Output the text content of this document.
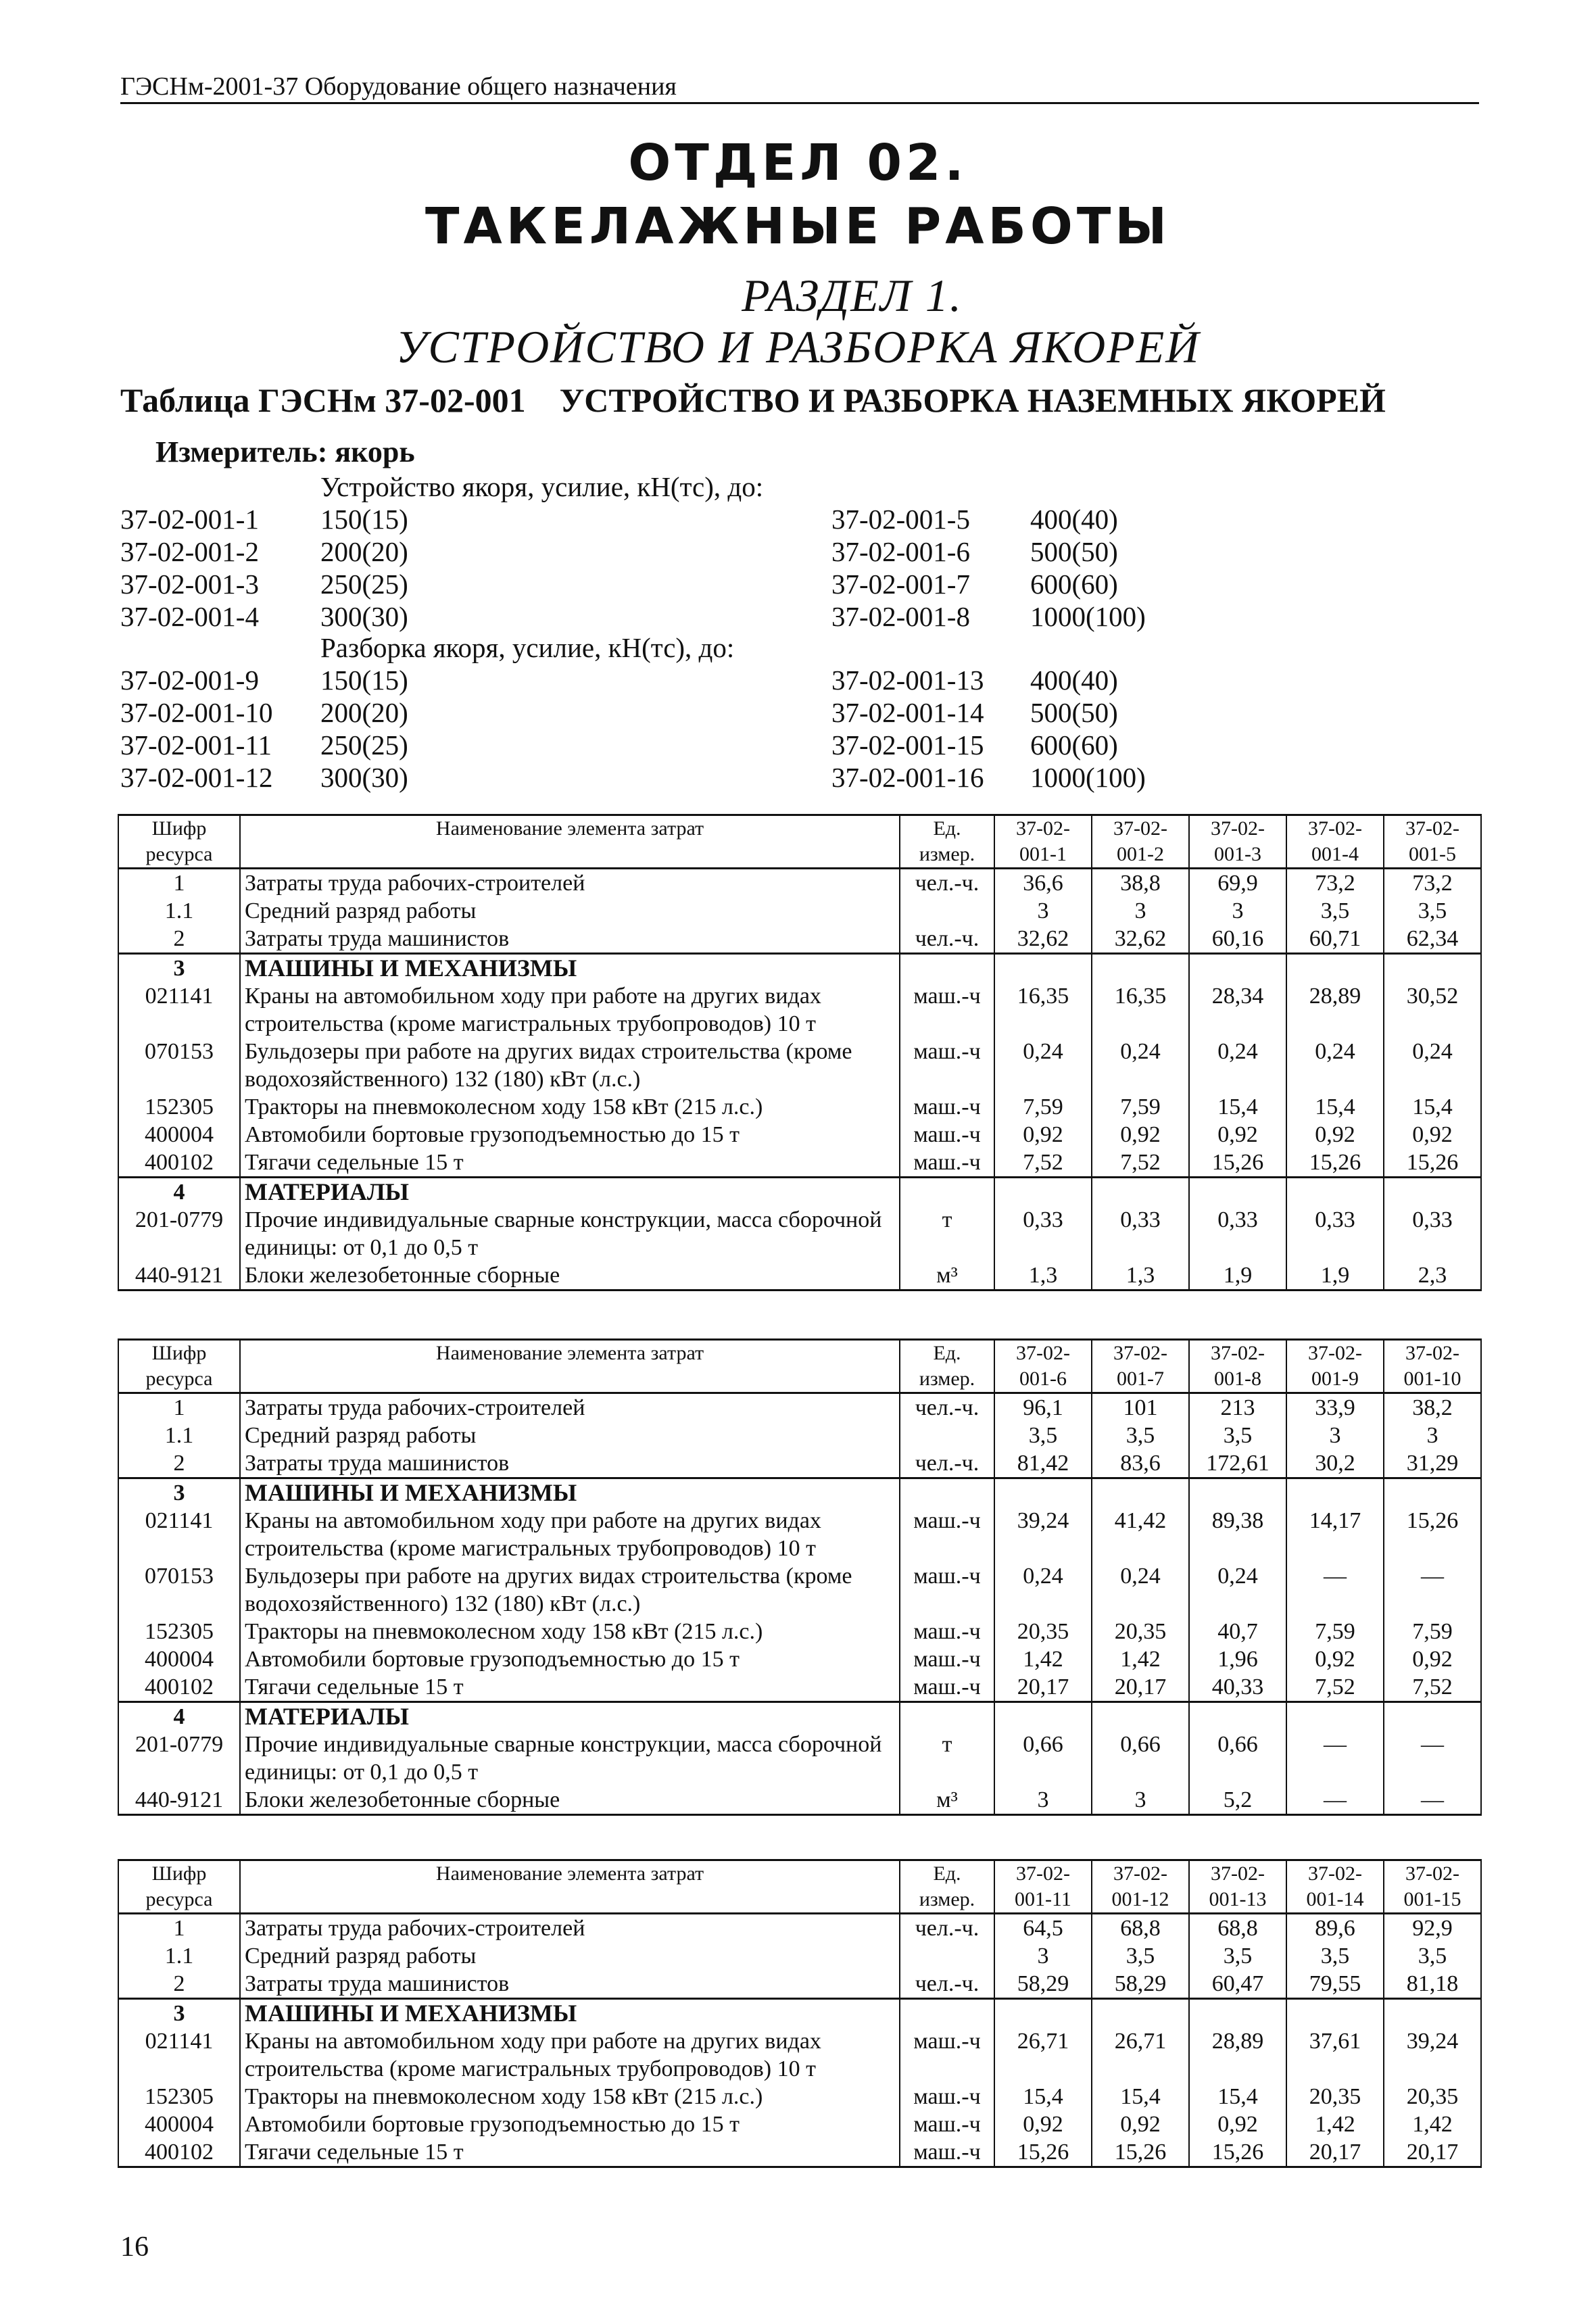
ГЭСНм-2001-37 Оборудование общего назначения
ОТДЕЛ 02.
ТАКЕЛАЖНЫЕ РАБОТЫ
РАЗДЕЛ 1.
УСТРОЙСТВО И РАЗБОРКА ЯКОРЕЙ
Таблица ГЭСНм 37-02-001 УСТРОЙСТВО И РАЗБОРКА НАЗЕМНЫХ ЯКОРЕЙ
Измеритель: якорь
Устройство якоря, усилие, кН(тс), до:
37-02-001-1 150(15)	37-02-001-5 400(40)
37-02-001-2 200(20)	37-02-001-6 500(50)
37-02-001-3 250(25)	37-02-001-7 600(60)
37-02-001-4 300(30)	37-02-001-8 1000(100)
Разборка якоря, усилие, кН(тс), до:
37-02-001-9 150(15)	37-02-001-13 400(40)
37-02-001-10 200(20)	37-02-001-14 500(50)
37-02-001-11 250(25)	37-02-001-15 600(60)
37-02-001-12 300(30)	37-02-001-16 1000(100)
Шифр ресурса	Наименование элемента затрат	Ед. измер.	37-02-001-1	37-02-001-2	37-02-001-3	37-02-001-4	37-02-001-5
1	Затраты труда рабочих-строителей	чел.-ч.	36,6	38,8	69,9	73,2	73,2
1.1	Средний разряд работы		3	3	3	3,5	3,5
2	Затраты труда машинистов	чел.-ч.	32,62	32,62	60,16	60,71	62,34
3	МАШИНЫ И МЕХАНИЗМЫ						
021141	Краны на автомобильном ходу при работе на других видах строительства (кроме магистральных трубопроводов) 10 т	маш.-ч	16,35	16,35	28,34	28,89	30,52
070153	Бульдозеры при работе на других видах строительства (кроме водохозяйственного) 132 (180) кВт (л.с.)	маш.-ч	0,24	0,24	0,24	0,24	0,24
152305	Тракторы на пневмоколесном ходу 158 кВт (215 л.с.)	маш.-ч	7,59	7,59	15,4	15,4	15,4
400004	Автомобили бортовые грузоподъемностью до 15 т	маш.-ч	0,92	0,92	0,92	0,92	0,92
400102	Тягачи седельные 15 т	маш.-ч	7,52	7,52	15,26	15,26	15,26
4	МАТЕРИАЛЫ						
201-0779	Прочие индивидуальные сварные конструкции, масса сборочной единицы: от 0,1 до 0,5 т	т	0,33	0,33	0,33	0,33	0,33
440-9121	Блоки железобетонные сборные	м³	1,3	1,3	1,9	1,9	2,3
Шифр ресурса	Наименование элемента затрат	Ед. измер.	37-02-001-6	37-02-001-7	37-02-001-8	37-02-001-9	37-02-001-10
1	Затраты труда рабочих-строителей	чел.-ч.	96,1	101	213	33,9	38,2
1.1	Средний разряд работы		3,5	3,5	3,5	3	3
2	Затраты труда машинистов	чел.-ч.	81,42	83,6	172,61	30,2	31,29
3	МАШИНЫ И МЕХАНИЗМЫ						
021141	Краны на автомобильном ходу при работе на других видах строительства (кроме магистральных трубопроводов) 10 т	маш.-ч	39,24	41,42	89,38	14,17	15,26
070153	Бульдозеры при работе на других видах строительства (кроме водохозяйственного) 132 (180) кВт (л.с.)	маш.-ч	0,24	0,24	0,24	—	—
152305	Тракторы на пневмоколесном ходу 158 кВт (215 л.с.)	маш.-ч	20,35	20,35	40,7	7,59	7,59
400004	Автомобили бортовые грузоподъемностью до 15 т	маш.-ч	1,42	1,42	1,96	0,92	0,92
400102	Тягачи седельные 15 т	маш.-ч	20,17	20,17	40,33	7,52	7,52
4	МАТЕРИАЛЫ						
201-0779	Прочие индивидуальные сварные конструкции, масса сборочной единицы: от 0,1 до 0,5 т	т	0,66	0,66	0,66	—	—
440-9121	Блоки железобетонные сборные	м³	3	3	5,2	—	—
Шифр ресурса	Наименование элемента затрат	Ед. измер.	37-02-001-11	37-02-001-12	37-02-001-13	37-02-001-14	37-02-001-15
1	Затраты труда рабочих-строителей	чел.-ч.	64,5	68,8	68,8	89,6	92,9
1.1	Средний разряд работы		3	3,5	3,5	3,5	3,5
2	Затраты труда машинистов	чел.-ч.	58,29	58,29	60,47	79,55	81,18
3	МАШИНЫ И МЕХАНИЗМЫ						
021141	Краны на автомобильном ходу при работе на других видах строительства (кроме магистральных трубопроводов) 10 т	маш.-ч	26,71	26,71	28,89	37,61	39,24
152305	Тракторы на пневмоколесном ходу 158 кВт (215 л.с.)	маш.-ч	15,4	15,4	15,4	20,35	20,35
400004	Автомобили бортовые грузоподъемностью до 15 т	маш.-ч	0,92	0,92	0,92	1,42	1,42
400102	Тягачи седельные 15 т	маш.-ч	15,26	15,26	15,26	20,17	20,17
16
